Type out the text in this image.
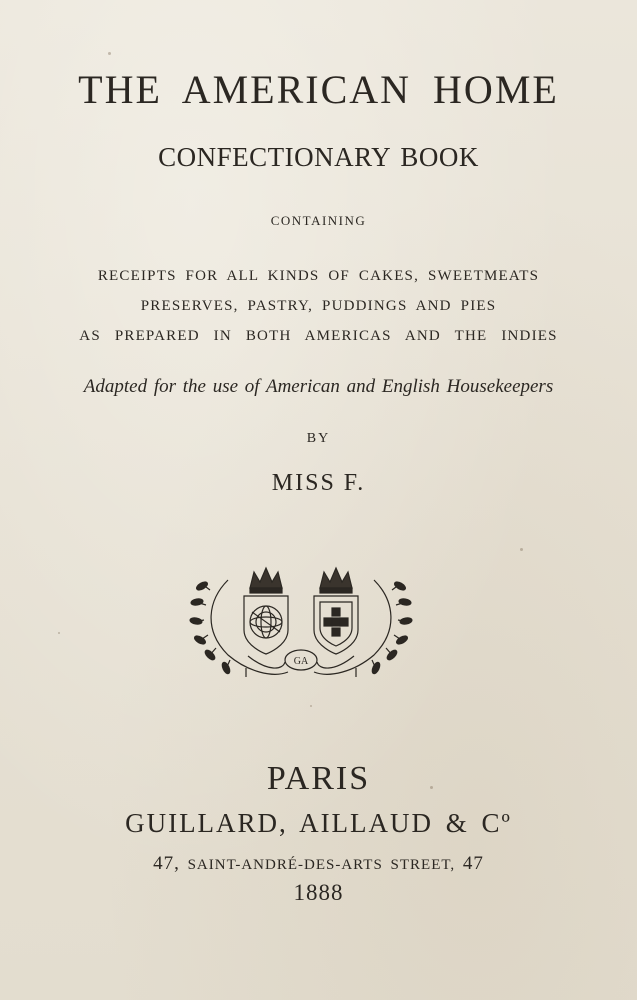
THE AMERICAN HOME
CONFECTIONARY BOOK
CONTAINING
RECEIPTS FOR ALL KINDS OF CAKES, SWEETMEATS
PRESERVES, PASTRY, PUDDINGS AND PIES
AS PREPARED IN BOTH AMERICAS AND THE INDIES
Adapted for the use of American and English Housekeepers
BY
MISS F.
GA
PARIS
GUILLARD, AILLAUD & Cº
47, SAINT-ANDRÉ-DES-ARTS STREET, 47
1888
